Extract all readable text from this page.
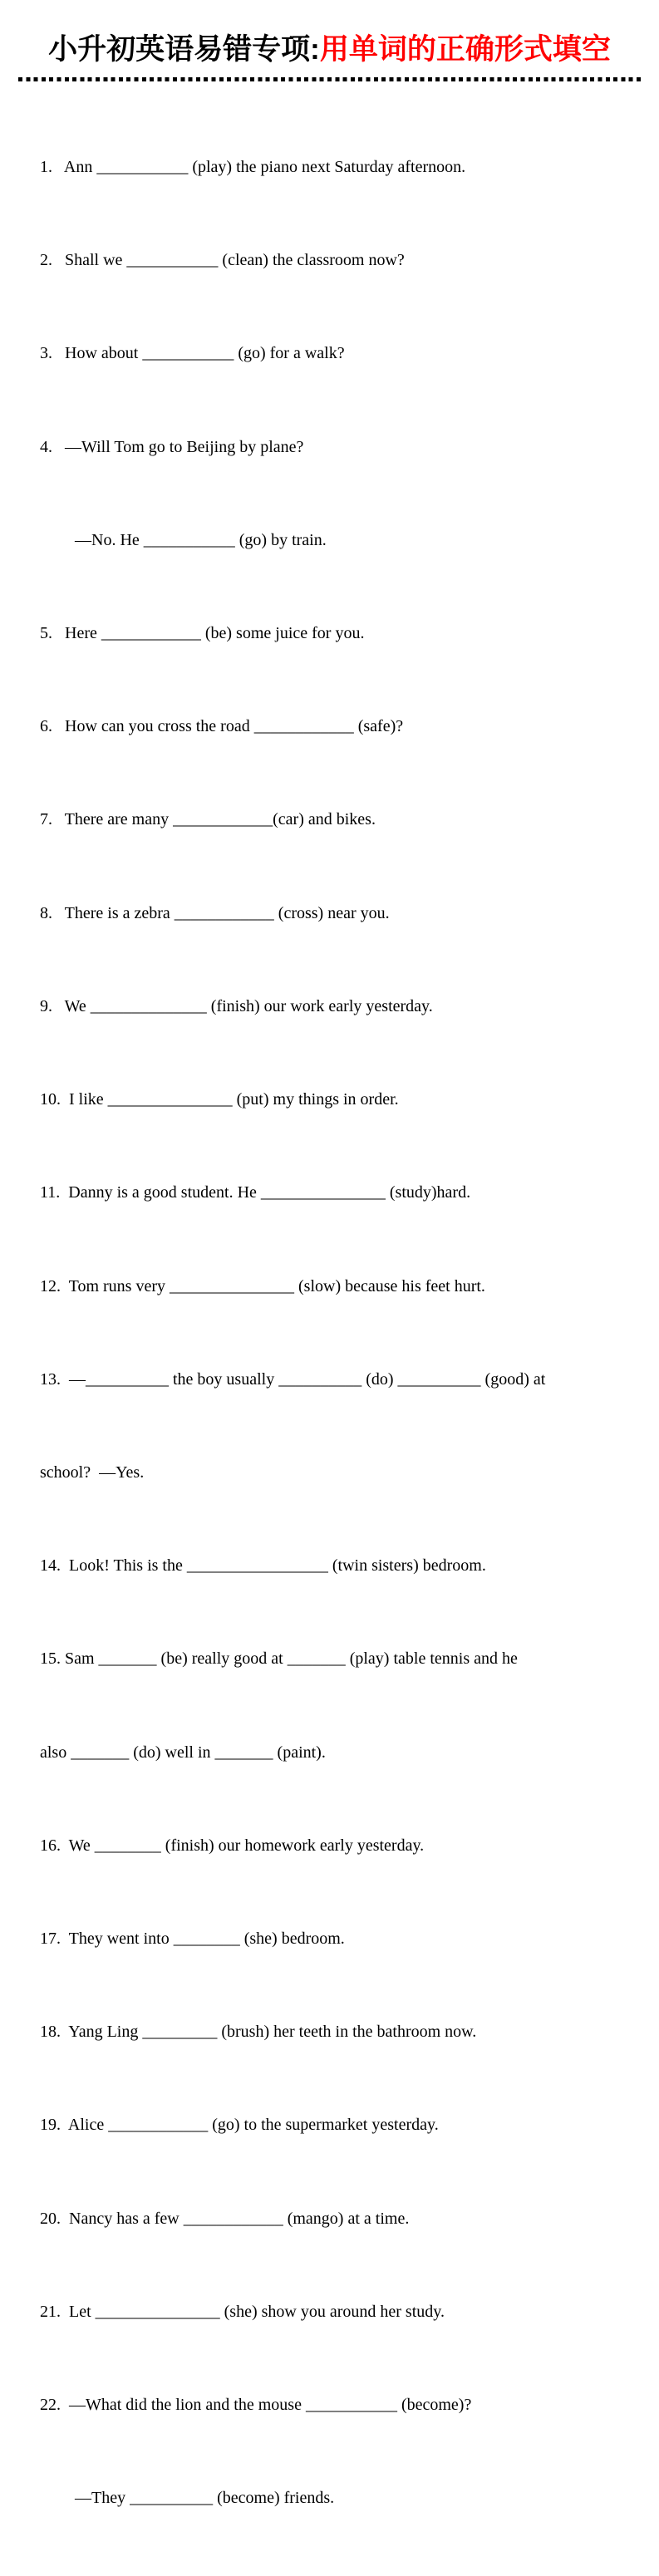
小升初英语易错专项:用单词的正确形式填空

1.   Ann ___________ (play) the piano next Saturday afternoon.

2.   Shall we ___________ (clean) the classroom now?

3.   How about ___________ (go) for a walk?

4.   —Will Tom go to Beijing by plane?

—No. He ___________ (go) by train.

5.   Here ____________ (be) some juice for you.

6.   How can you cross the road ____________ (safe)?

7.   There are many ____________(car) and bikes.

8.   There is a zebra ____________ (cross) near you.

9.   We ______________ (finish) our work early yesterday.

10.  I like _______________ (put) my things in order.

11.  Danny is a good student. He _______________ (study)hard.

12.  Tom runs very _______________ (slow) because his feet hurt.

13.  —__________ the boy usually __________ (do) __________ (good) at

school?  —Yes.

14.  Look! This is the _________________ (twin sisters) bedroom.

15. Sam _______ (be) really good at _______ (play) table tennis and he

also _______ (do) well in _______ (paint).

16.  We ________ (finish) our homework early yesterday.

17.  They went into ________ (she) bedroom.

18.  Yang Ling _________ (brush) her teeth in the bathroom now.

19.  Alice ____________ (go) to the supermarket yesterday.

20.  Nancy has a few ____________ (mango) at a time.

21.  Let _______________ (she) show you around her study.

22.  —What did the lion and the mouse ___________ (become)?

—They __________ (become) friends.
